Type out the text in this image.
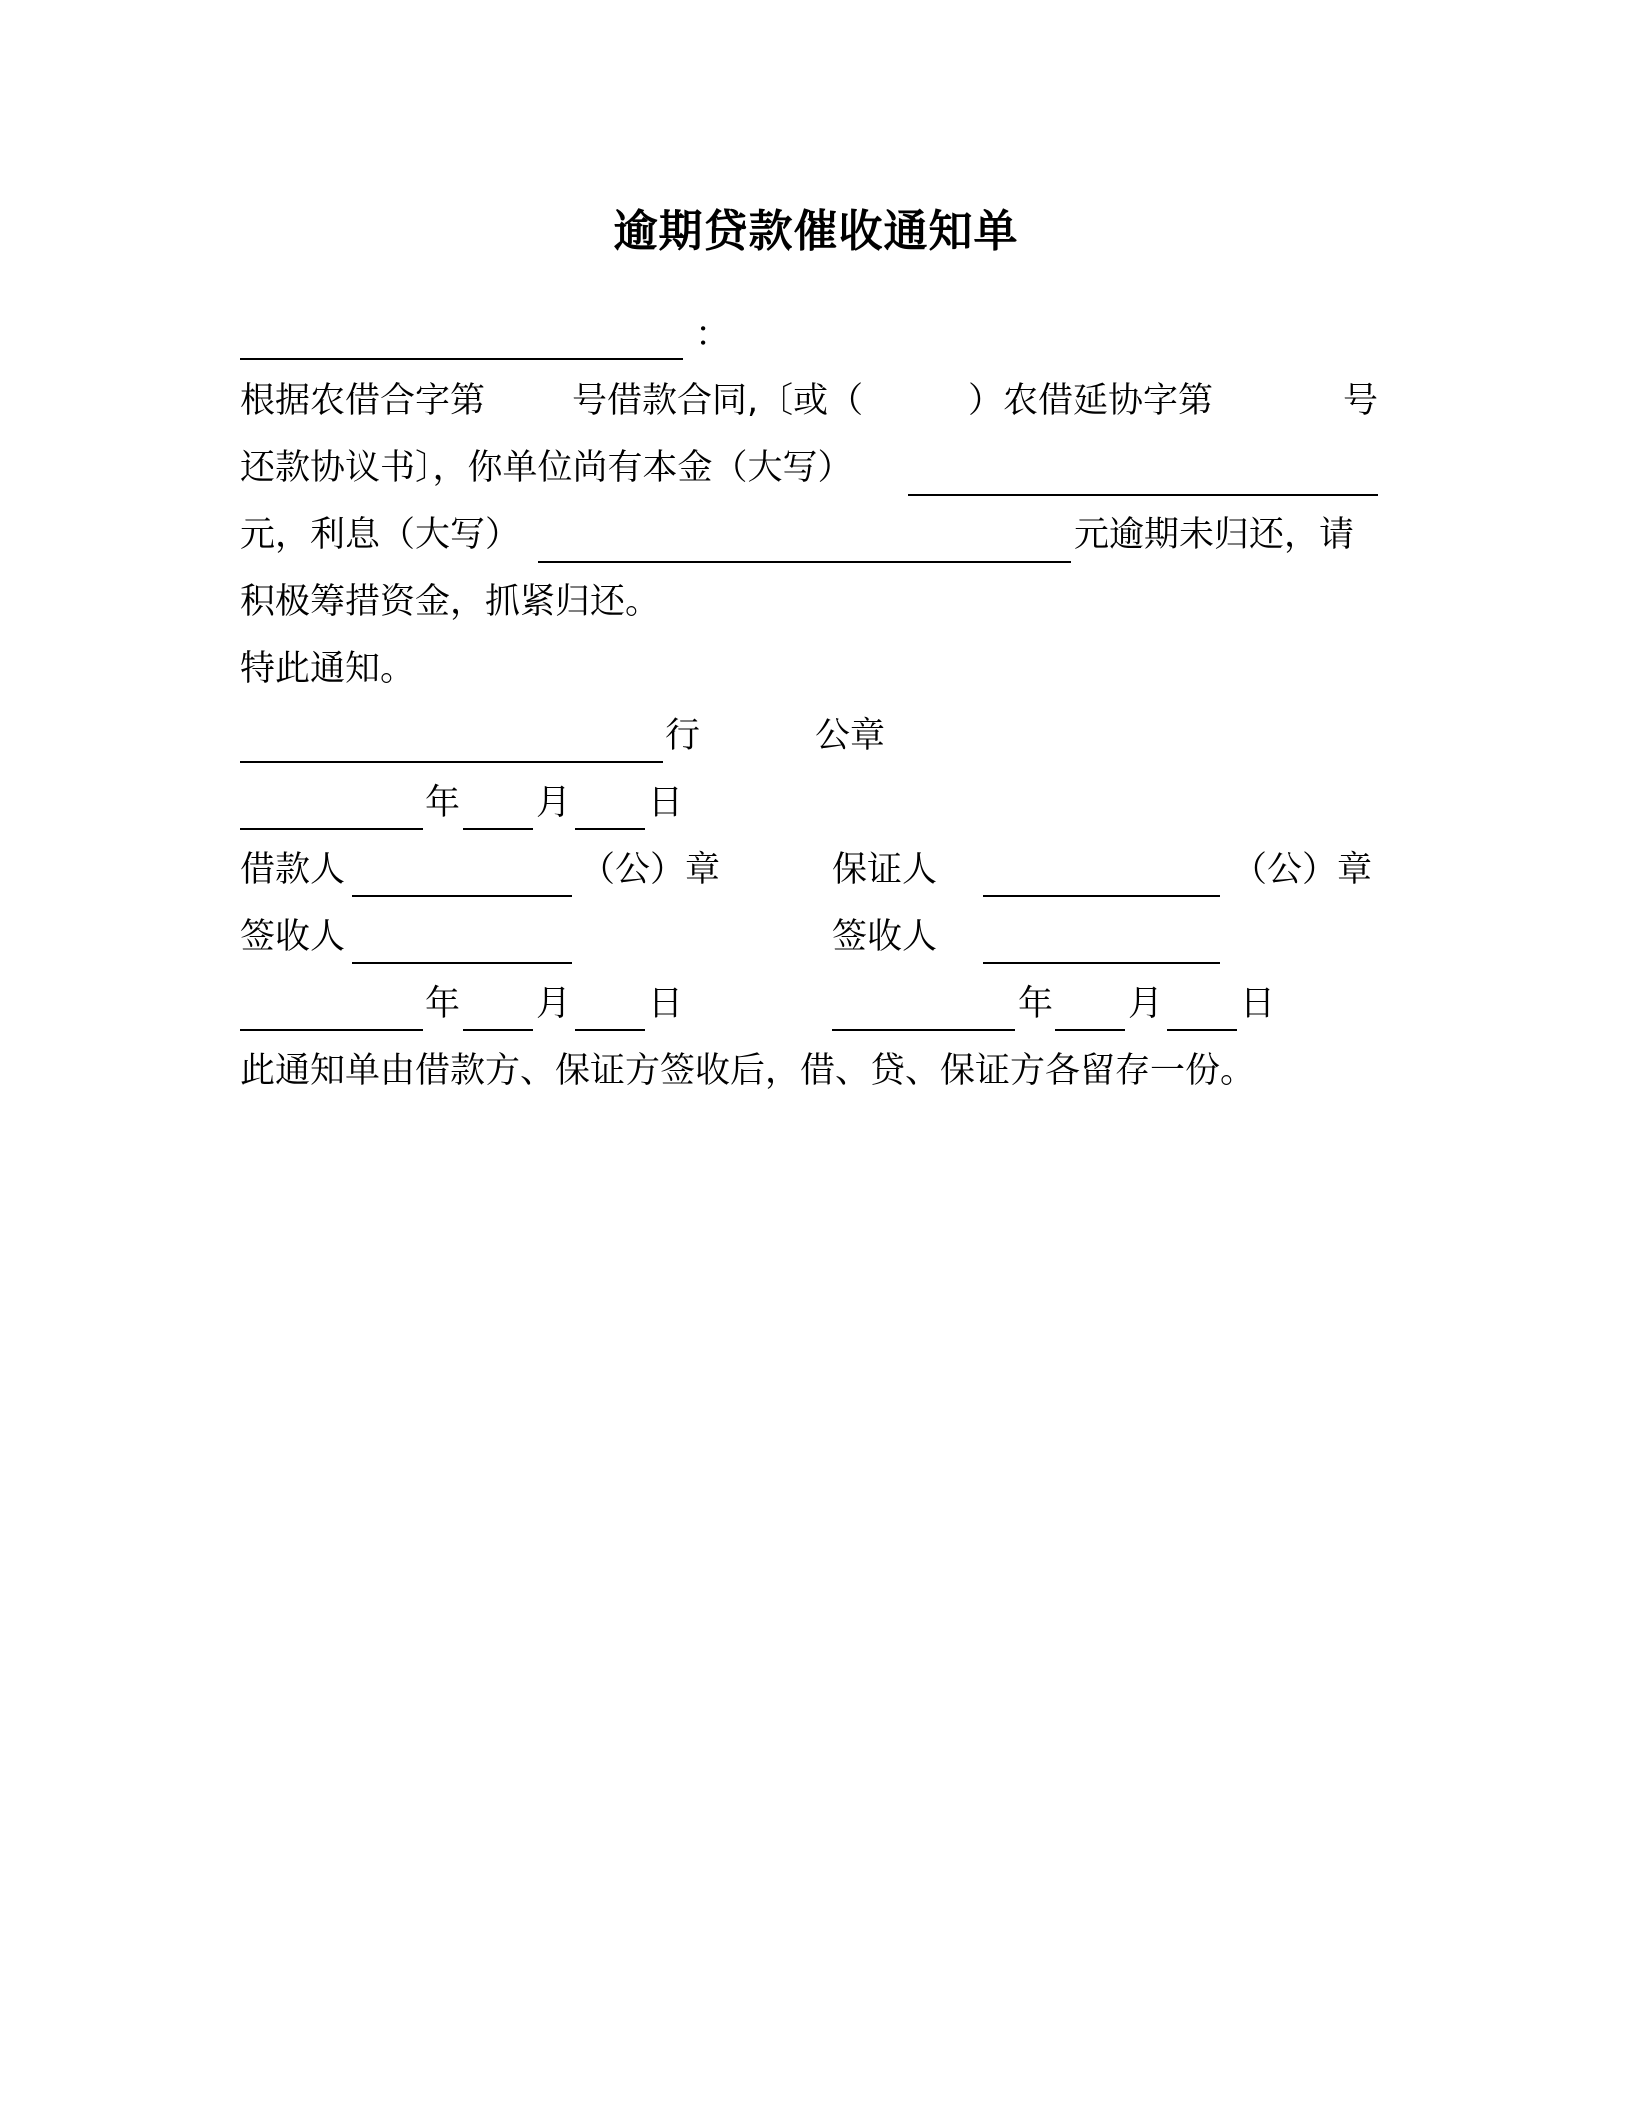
逾期贷款催收通知单
：
根据农借合字第 号借款合同,〔或（	）农借延协字第	号
还款协议书〕，你单位尚有本金（大写）
元，利息（大写）	元逾期未归还，请
积极筹措资金，抓紧归还。
特此通知。
行	公章
年 月 日
借款人	（公）章	保证人	（公）章
签收人	签收人
年 月 日	年 月 日
此通知单由借款方、保证方签收后，借、贷、保证方各留存一份。
